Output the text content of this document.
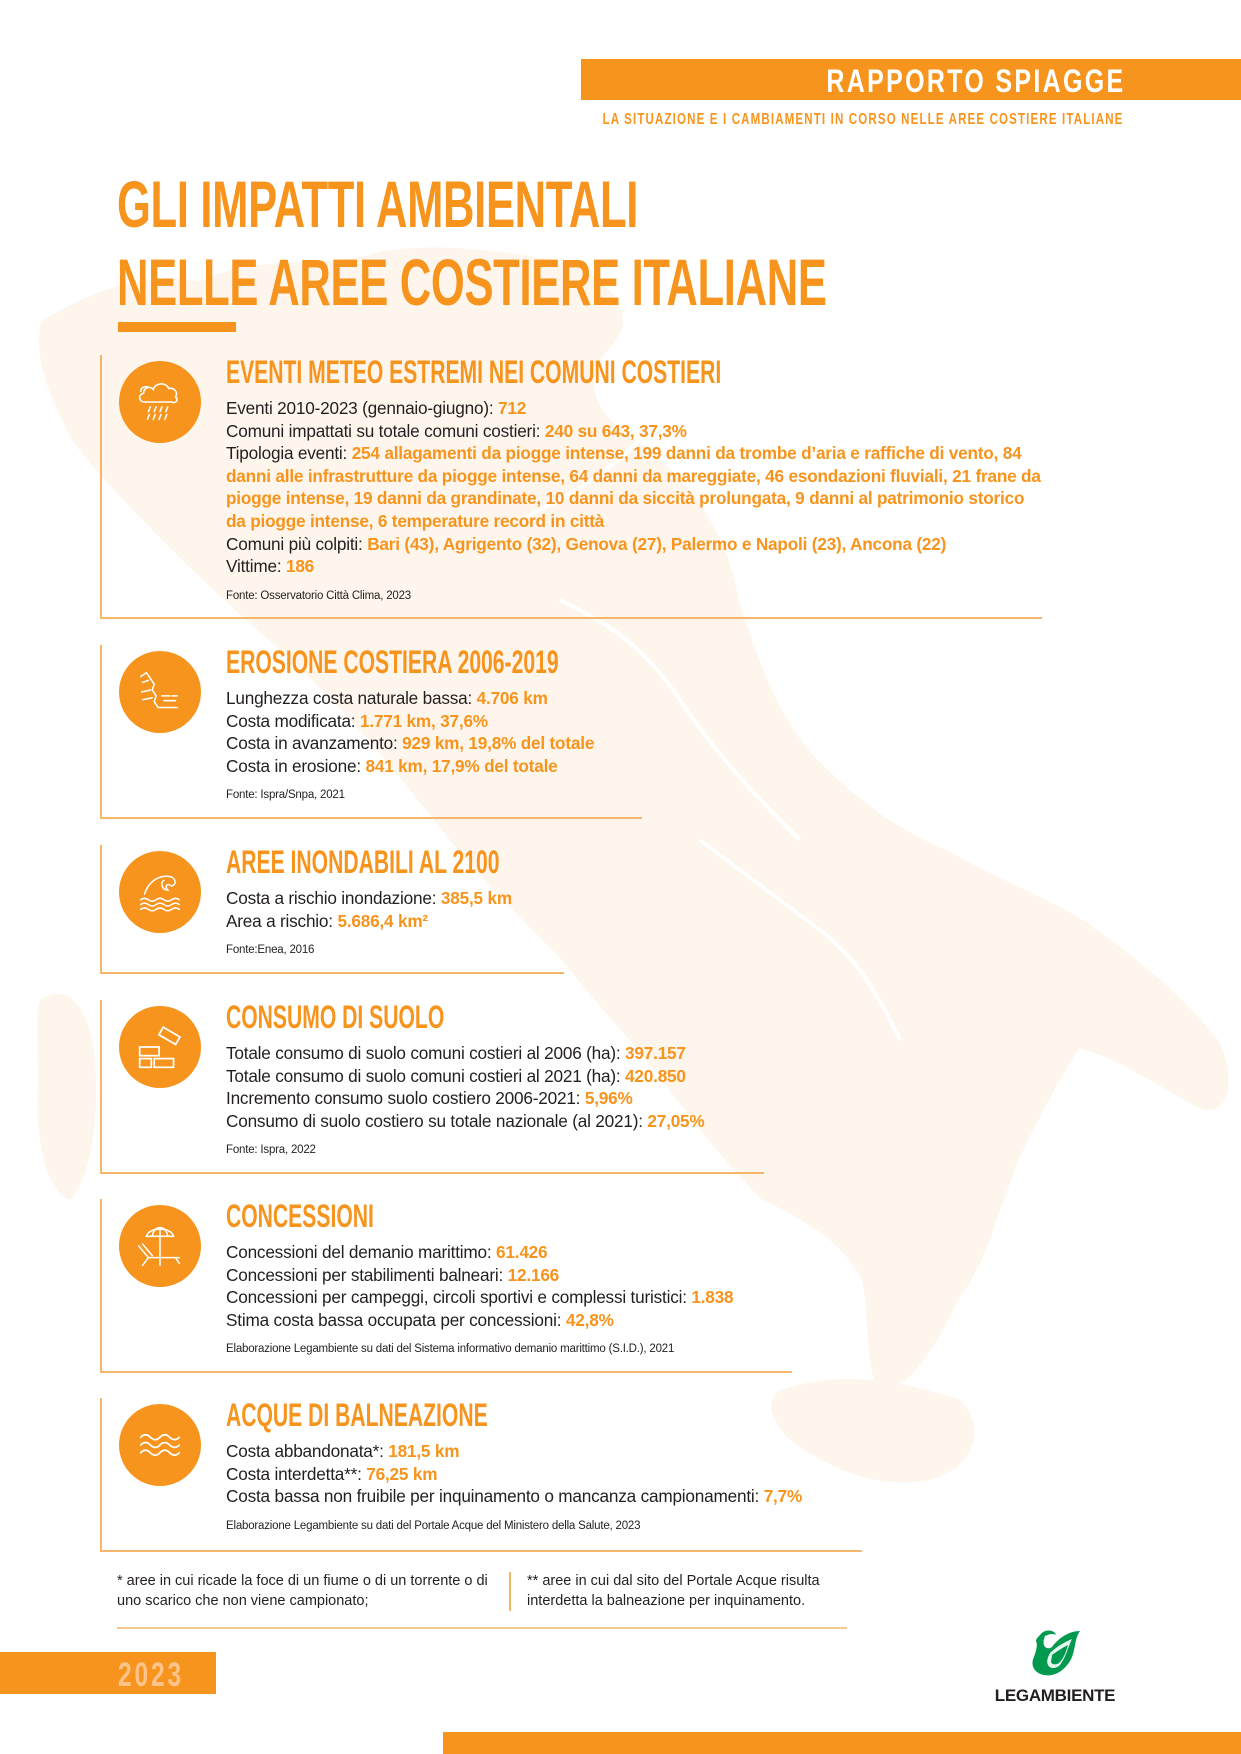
RAPPORTO SPIAGGE
LA SITUAZIONE E I CAMBIAMENTI IN CORSO NELLE AREE COSTIERE ITALIANE
GLI IMPATTI AMBIENTALI
NELLE AREE COSTIERE ITALIANE
EVENTI METEO ESTREMI NEI COMUNI COSTIERI
Eventi 2010-2023 (gennaio-giugno): 712
Comuni impattati su totale comuni costieri: 240 su 643, 37,3%
Tipologia eventi: 254 allagamenti da piogge intense, 199 danni da trombe d’aria e raffiche di vento, 84 danni alle infrastrutture da piogge intense, 64 danni da mareggiate, 46 esondazioni fluviali, 21 frane da piogge intense, 19 danni da grandinate, 10 danni da siccità prolungata, 9 danni al patrimonio storico da piogge intense, 6 temperature record in città
Comuni più colpiti: Bari (43), Agrigento (32), Genova (27), Palermo e Napoli (23), Ancona (22)
Vittime: 186
Fonte: Osservatorio Città Clima, 2023
EROSIONE COSTIERA 2006-2019
Lunghezza costa naturale bassa: 4.706 km
Costa modificata: 1.771 km, 37,6%
Costa in avanzamento: 929 km, 19,8% del totale
Costa in erosione: 841 km, 17,9% del totale
Fonte: Ispra/Snpa, 2021
AREE INONDABILI AL 2100
Costa a rischio inondazione: 385,5 km
Area a rischio: 5.686,4 km²
Fonte:Enea, 2016
CONSUMO DI SUOLO
Totale consumo di suolo comuni costieri al 2006 (ha): 397.157
Totale consumo di suolo comuni costieri al 2021 (ha): 420.850
Incremento consumo suolo costiero 2006-2021: 5,96%
Consumo di suolo costiero su totale nazionale (al 2021): 27,05%
Fonte: Ispra, 2022
CONCESSIONI
Concessioni del demanio marittimo: 61.426
Concessioni per stabilimenti balneari: 12.166
Concessioni per campeggi, circoli sportivi e complessi turistici: 1.838
Stima costa bassa occupata per concessioni: 42,8%
Elaborazione Legambiente su dati del Sistema informativo demanio marittimo (S.I.D.), 2021
ACQUE DI BALNEAZIONE
Costa abbandonata*: 181,5 km
Costa interdetta**: 76,25 km
Costa bassa non fruibile per inquinamento o mancanza campionamenti: 7,7%
Elaborazione Legambiente su dati del Portale Acque del Ministero della Salute, 2023
* aree in cui ricade la foce di un fiume o di un torrente o di uno scarico che non viene campionato;
** aree in cui dal sito del Portale Acque risulta interdetta la balneazione per inquinamento.
2023
LEGAMBIENTE
